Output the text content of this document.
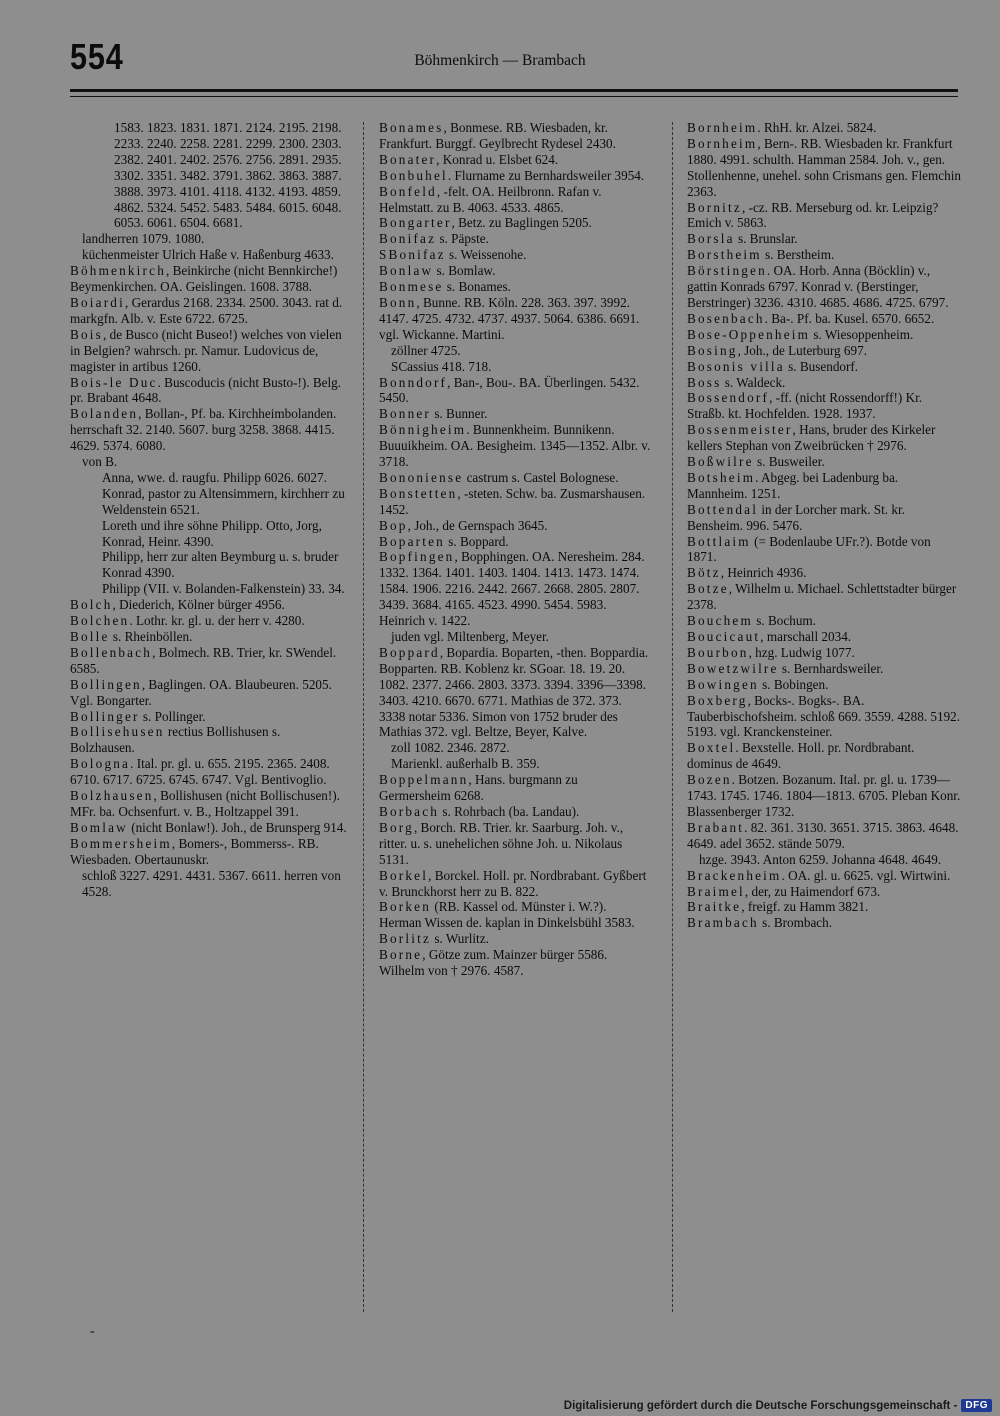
554	Böhmenkirch — Brambach
1583. 1823. 1831. 1871. 2124. 2195. 2198. 2233. 2240. 2258. 2281. 2299. 2300. 2303. 2382. 2401. 2402. 2576. 2756. 2891. 2935. 3302. 3351. 3482. 3791. 3862. 3863. 3887. 3888. 3973. 4101. 4118. 4132. 4193. 4859. 4862. 5324. 5452. 5483. 5484. 6015. 6048. 6053. 6061. 6504. 6681.
landherren 1079. 1080.
küchenmeister Ulrich Haße v. Haßenburg 4633.
Böhmenkirch, Beinkirche (nicht Bennkirche!) Beymenkirchen. OA. Geislingen. 1608. 3788.
Boiardi, Gerardus 2168. 2334. 2500. 3043. rat d. markgfn. Alb. v. Este 6722. 6725.
Bois, de Busco (nicht Buseo!) welches von vielen in Belgien? wahrsch. pr. Namur. Ludovicus de, magister in artibus 1260.
Bois-le Duc. Buscoducis (nicht Busto-!). Belg. pr. Brabant 4648.
Bolanden, Bollan-, Pf. ba. Kirchheimbolanden. herrschaft 32. 2140. 5607. burg 3258. 3868. 4415. 4629. 5374. 6080.
von B.
Anna, wwe. d. raugfu. Philipp 6026. 6027.
Konrad, pastor zu Altensimmern, kirchherr zu Weldenstein 6521.
Loreth und ihre söhne Philipp. Otto, Jorg, Konrad, Heinr. 4390.
Philipp, herr zur alten Beymburg u. s. bruder Konrad 4390.
Philipp (VII. v. Bolanden-Falkenstein) 33. 34.
Bolch, Diederich, Kölner bürger 4956.
Bolchen. Lothr. kr. gl. u. der herr v. 4280.
Bolle s. Rheinböllen.
Bollenbach, Bolmech. RB. Trier, kr. SWendel. 6585.
Bollingen, Baglingen. OA. Blaubeuren. 5205. Vgl. Bongarter.
Bollinger s. Pollinger.
Bollisehusen rectius Bollishusen s. Bolzhausen.
Bologna. Ital. pr. gl. u. 655. 2195. 2365. 2408. 6710. 6717. 6725. 6745. 6747. Vgl. Bentivoglio.
Bolzhausen, Bollishusen (nicht Bollischusen!). MFr. ba. Ochsenfurt. v. B., Holtzappel 391.
Bomlaw (nicht Bonlaw!). Joh., de Brunsperg 914.
Bommersheim, Bomers-, Bommerss-. RB. Wiesbaden. Obertaunuskr.
schloß 3227. 4291. 4431. 5367. 6611. herren von 4528.
Bonames, Bonmese. RB. Wiesbaden, kr. Frankfurt. Burggf. Geylbrecht Rydesel 2430.
Bonater, Konrad u. Elsbet 624.
Bonbuhel. Flurname zu Bernhardsweiler 3954.
Bonfeld, -felt. OA. Heilbronn. Rafan v. Helmstatt. zu B. 4063. 4533. 4865.
Bongarter, Betz. zu Baglingen 5205.
Bonifaz s. Päpste.
SBonifaz s. Weissenohe.
Bonlaw s. Bomlaw.
Bonmese s. Bonames.
Bonn, Bunne. RB. Köln. 228. 363. 397. 3992. 4147. 4725. 4732. 4737. 4937. 5064. 6386. 6691. vgl. Wickanne. Martini.
zöllner 4725.
SCassius 418. 718.
Bonndorf, Ban-, Bou-. BA. Überlingen. 5432. 5450.
Bonner s. Bunner.
Bönnigheim. Bunnenkheim. Bunnikenn. Buuuikheim. OA. Besigheim. 1345—1352. Albr. v. 3718.
Bononiense castrum s. Castel Bolognese.
Bonstetten, -steten. Schw. ba. Zusmarshausen. 1452.
Bop, Joh., de Gernspach 3645.
Boparten s. Boppard.
Bopfingen, Bopphingen. OA. Neresheim. 284. 1332. 1364. 1401. 1403. 1404. 1413. 1473. 1474. 1584. 1906. 2216. 2442. 2667. 2668. 2805. 2807. 3439. 3684. 4165. 4523. 4990. 5454. 5983. Heinrich v. 1422.
juden vgl. Miltenberg, Meyer.
Boppard, Bopardia. Boparten, -then. Boppardia. Bopparten. RB. Koblenz kr. SGoar. 18. 19. 20. 1082. 2377. 2466. 2803. 3373. 3394. 3396—3398. 3403. 4210. 6670. 6771. Mathias de 372. 373. 3338 notar 5336. Simon von 1752 bruder des Mathias 372. vgl. Beltze, Beyer, Kalve.
zoll 1082. 2346. 2872.
Marienkl. außerhalb B. 359.
Boppelmann, Hans. burgmann zu Germersheim 6268.
Borbach s. Rohrbach (ba. Landau).
Borg, Borch. RB. Trier. kr. Saarburg. Joh. v., ritter. u. s. unehelichen söhne Joh. u. Nikolaus 5131.
Borkel, Borckel. Holl. pr. Nordbrabant. Gyßbert v. Brunckhorst herr zu B. 822.
Borken (RB. Kassel od. Münster i. W.?). Herman Wissen de. kaplan in Dinkelsbühl 3583.
Borlitz s. Wurlitz.
Borne, Götze zum. Mainzer bürger 5586. Wilhelm von † 2976. 4587.
Bornheim. RhH. kr. Alzei. 5824.
Bornheim, Bern-. RB. Wiesbaden kr. Frankfurt 1880. 4991. schulth. Hamman 2584. Joh. v., gen. Stollenhenne, unehel. sohn Crismans gen. Flemchin 2363.
Bornitz, -cz. RB. Merseburg od. kr. Leipzig? Emich v. 5863.
Borsla s. Brunslar.
Borstheim s. Berstheim.
Börstingen. OA. Horb. Anna (Böcklin) v., gattin Konrads 6797. Konrad v. (Berstinger, Berstringer) 3236. 4310. 4685. 4686. 4725. 6797.
Bosenbach. Ba-. Pf. ba. Kusel. 6570. 6652.
Bose-Oppenheim s. Wiesoppenheim.
Bosing, Joh., de Luterburg 697.
Bosonis villa s. Busendorf.
Boss s. Waldeck.
Bossendorf, -ff. (nicht Rossendorff!) Kr. Straßb. kt. Hochfelden. 1928. 1937.
Bossenmeister, Hans, bruder des Kirkeler kellers Stephan von Zweibrücken † 2976.
Boßwilre s. Busweiler.
Botsheim. Abgeg. bei Ladenburg ba. Mannheim. 1251.
Bottendal in der Lorcher mark. St. kr. Bensheim. 996. 5476.
Bottlaim (= Bodenlaube UFr.?). Botde von 1871.
Bötz, Heinrich 4936.
Botze, Wilhelm u. Michael. Schlettstadter bürger 2378.
Bouchem s. Bochum.
Boucicaut, marschall 2034.
Bourbon, hzg. Ludwig 1077.
Bowetzwilre s. Bernhardsweiler.
Bowingen s. Bobingen.
Boxberg, Bocks-. Bogks-. BA. Tauberbischofsheim. schloß 669. 3559. 4288. 5192. 5193. vgl. Kranckensteiner.
Boxtel. Bexstelle. Holl. pr. Nordbrabant. dominus de 4649.
Bozen. Botzen. Bozanum. Ital. pr. gl. u. 1739—1743. 1745. 1746. 1804—1813. 6705. Pleban Konr. Blassenberger 1732.
Brabant. 82. 361. 3130. 3651. 3715. 3863. 4648. 4649. adel 3652. stände 5079.
hzge. 3943. Anton 6259. Johanna 4648. 4649.
Brackenheim. OA. gl. u. 6625. vgl. Wirtwini.
Braimel, der, zu Haimendorf 673.
Braitke, freigf. zu Hamm 3821.
Brambach s. Brombach.
-
Digitalisierung gefördert durch die Deutsche Forschungsgemeinschaft - DFG
